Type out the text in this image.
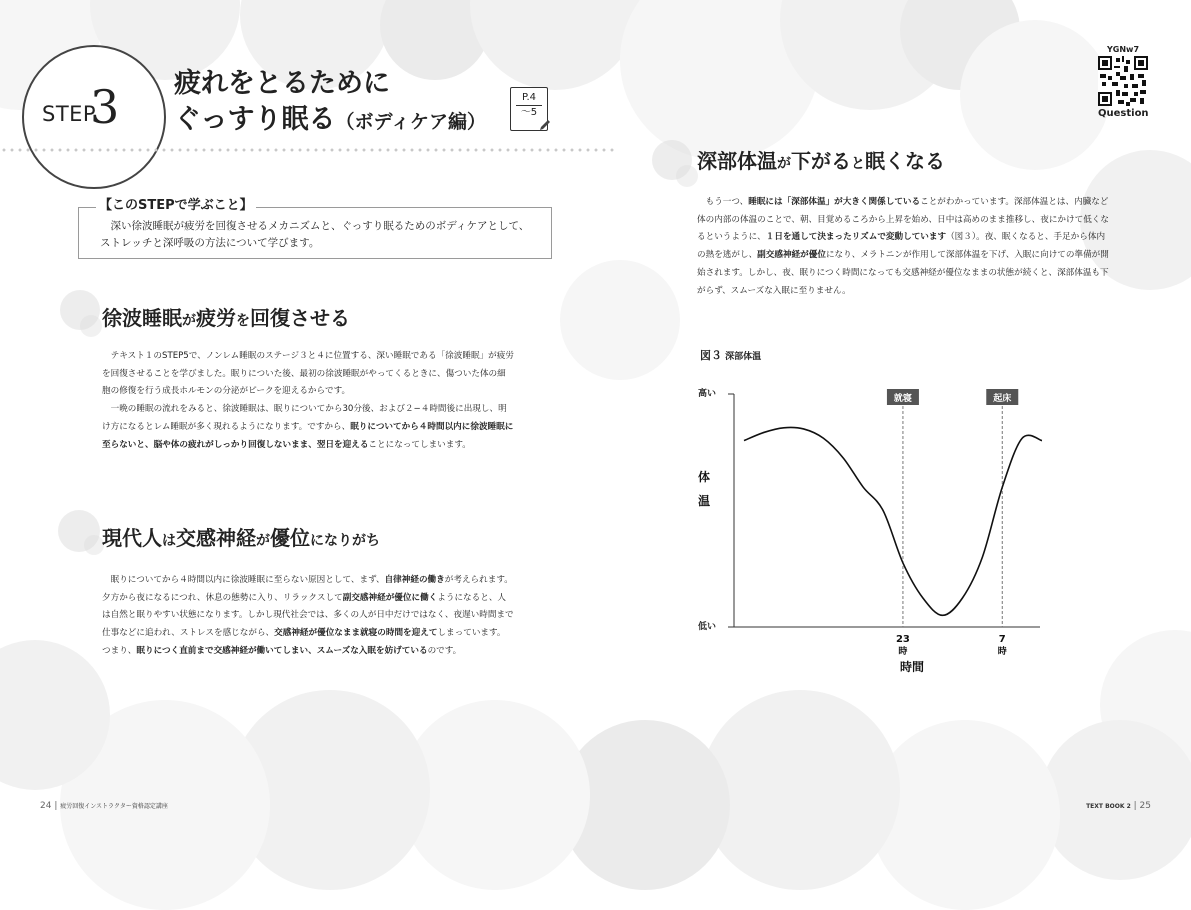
STEP
3 疲れをとるために
ぐっすり眠る（ボディケア編）
P.4
〜5
【このSTEPで学ぶこと】
深い徐波睡眠が疲労を回復させるメカニズムと、ぐっすり眠るためのボディケアとして、ストレッチと深呼吸の方法について学びます。
徐波睡眠が疲労を回復させる

テキスト１のSTEP5で、ノンレム睡眠のステージ３と４に位置する、深い睡眠である「徐波睡眠」が疲労を回復させることを学びました。眠りについた後、最初の徐波睡眠がやってくるときに、傷ついた体の細胞の修復を行う成長ホルモンの分泌がピークを迎えるからです。

一晩の睡眠の流れをみると、徐波睡眠は、眠りについてから30分後、および２−４時間後に出現し、明け方になるとレム睡眠が多く現れるようになります。ですから、眠りについてから４時間以内に徐波睡眠に至らないと、脳や体の疲れがしっかり回復しないまま、翌日を迎えることになってしまいます。

現代人は交感神経が優位になりがち

眠りについてから４時間以内に徐波睡眠に至らない原因として、まず、自律神経の働きが考えられます。夕方から夜になるにつれ、休息の態勢に入り、リラックスして副交感神経が優位に働くようになると、人は自然と眠りやすい状態になります。しかし現代社会では、多くの人が日中だけではなく、夜遅い時間まで仕事などに追われ、ストレスを感じながら、交感神経が優位なまま就寝の時間を迎えてしまっています。つまり、眠りにつく直前まで交感神経が働いてしまい、スムーズな入眠を妨げているのです。

YGNw7
Question
深部体温が下がると眠くなる

もう一つ、睡眠には「深部体温」が大きく関係していることがわかっています。深部体温とは、内臓など体の内部の体温のことで、朝、目覚めるころから上昇を始め、日中は高めのまま推移し、夜にかけて低くなるというように、１日を通して決まったリズムで変動しています（図３）。夜、眠くなると、手足から体内の熱を逃がし、副交感神経が優位になり、メラトニンが作用して深部体温を下げ、入眠に向けての準備が開始されます。しかし、夜、眠りにつく時間になっても交感神経が優位なままの状態が続くと、深部体温も下がらず、スムーズな入眠に至りません。

図３ 深部体温
高い
低い
体
温
時間
就寝
23
時
起床
7
時
24 | 疲労回復インストラクター資格認定講座	TEXT BOOK 2 | 25
